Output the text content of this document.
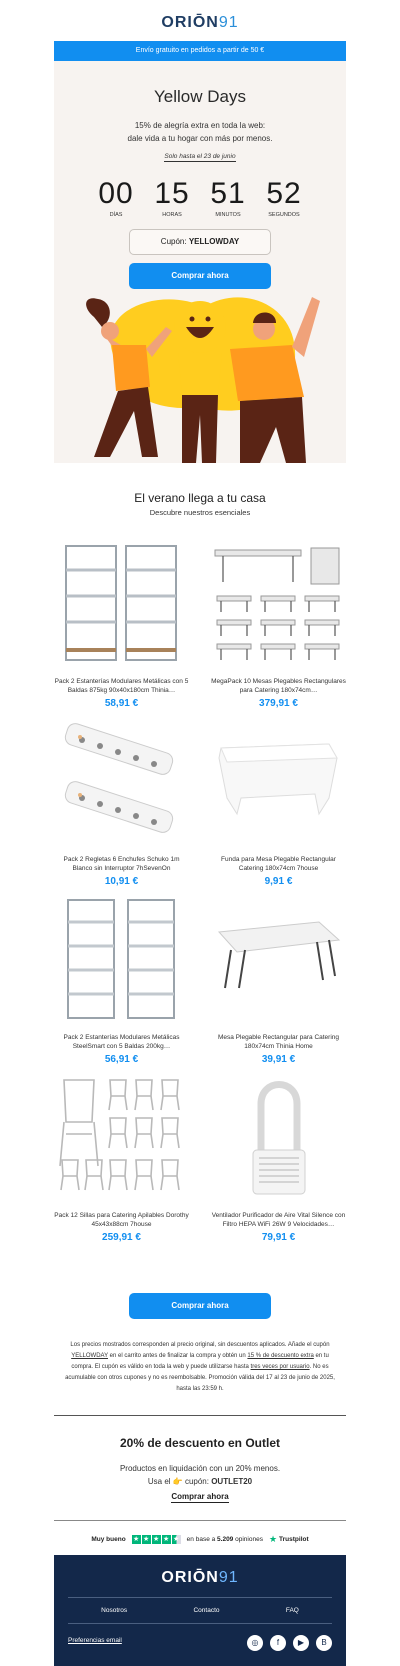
ORIŌN91
Envío gratuito en pedidos a partir de 50 €
Yellow Days
15% de alegría extra en toda la web:
dale vida a tu hogar con más por menos.
Solo hasta el 23 de junio
00
DÍAS
15
HORAS
51
MINUTOS
52
SEGUNDOS
Cupón: YELLOWDAY
Comprar ahora
El verano llega a tu casa
Descubre nuestros esenciales
Pack 2 Estanterías Modulares Metálicas con 5 Baldas 875kg 90x40x180cm Thinia…
58,91 €
MegaPack 10 Mesas Plegables Rectangulares para Catering 180x74cm…
379,91 €
Pack 2 Regletas 6 Enchufes Schuko 1m Blanco sin Interruptor 7hSevenOn
10,91 €
Funda para Mesa Plegable Rectangular Catering 180x74cm 7house
9,91 €
Pack 2 Estanterías Modulares Metálicas SteelSmart con 5 Baldas 200kg…
56,91 €
Mesa Plegable Rectangular para Catering 180x74cm Thinia Home
39,91 €
Pack 12 Sillas para Catering Apilables Dorothy 45x43x88cm 7house
259,91 €
Ventilador Purificador de Aire Vital Silence con Filtro HEPA WiFi 26W 9 Velocidades…
79,91 €
Comprar ahora
Los precios mostrados corresponden al precio original, sin descuentos aplicados. Añade el cupón YELLOWDAY en el carrito antes de finalizar la compra y obtén un 15 % de descuento extra en tu compra. El cupón es válido en toda la web y puede utilizarse hasta tres veces por usuario. No es acumulable con otros cupones y no es reembolsable. Promoción válida del 17 al 23 de junio de 2025, hasta las 23:59 h.
20% de descuento en Outlet
Productos en liquidación con un 20% menos.
Usa el 👉 cupón: OUTLET20
Comprar ahora
Muy bueno ★ ★ ★ ★ ★ en base a 5.209 opiniones ★ Trustpilot
ORIŌN91
Nosotros	Contacto	FAQ
Preferencias email	◎	f	▶	B
